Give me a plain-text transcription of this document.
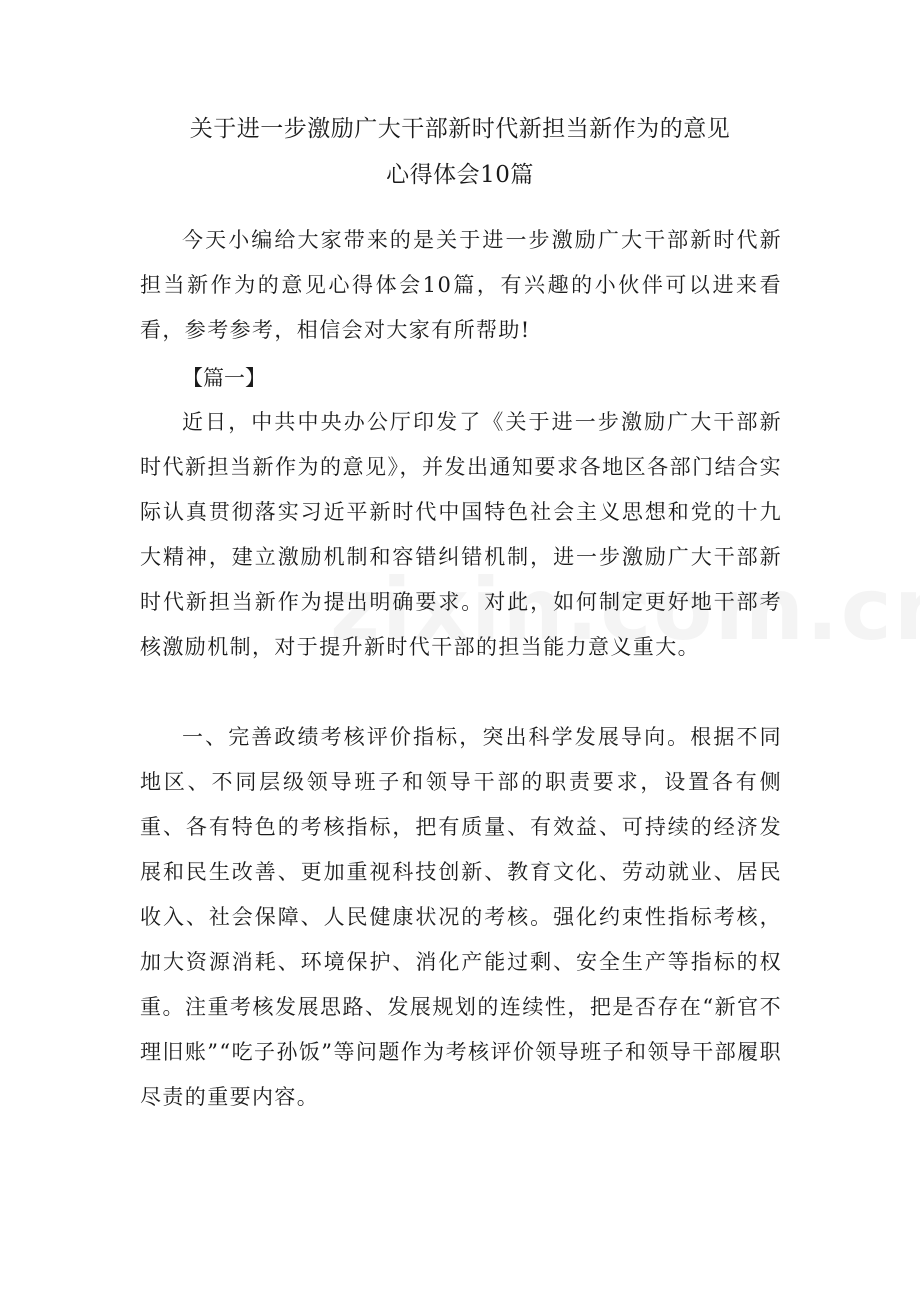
关于进一步激励广大干部新时代新担当新作为的意见
心得体会10篇

今天小编给大家带来的是关于进一步激励广大干部新时代新担当新作为的意见心得体会10篇，有兴趣的小伙伴可以进来看看，参考参考，相信会对大家有所帮助!

【篇一】

近日，中共中央办公厅印发了《关于进一步激励广大干部新时代新担当新作为的意见》，并发出通知要求各地区各部门结合实际认真贯彻落实习近平新时代中国特色社会主义思想和党的十九大精神，建立激励机制和容错纠错机制，进一步激励广大干部新时代新担当新作为提出明确要求。对此，如何制定更好地干部考核激励机制，对于提升新时代干部的担当能力意义重大。

一、完善政绩考核评价指标，突出科学发展导向。根据不同地区、不同层级领导班子和领导干部的职责要求，设置各有侧重、各有特色的考核指标，把有质量、有效益、可持续的经济发展和民生改善、更加重视科技创新、教育文化、劳动就业、居民收入、社会保障、人民健康状况的考核。强化约束性指标考核，加大资源消耗、环境保护、消化产能过剩、安全生产等指标的权重。注重考核发展思路、发展规划的连续性，把是否存在“新官不理旧账”“吃子孙饭”等问题作为考核评价领导班子和领导干部履职尽责的重要内容。
